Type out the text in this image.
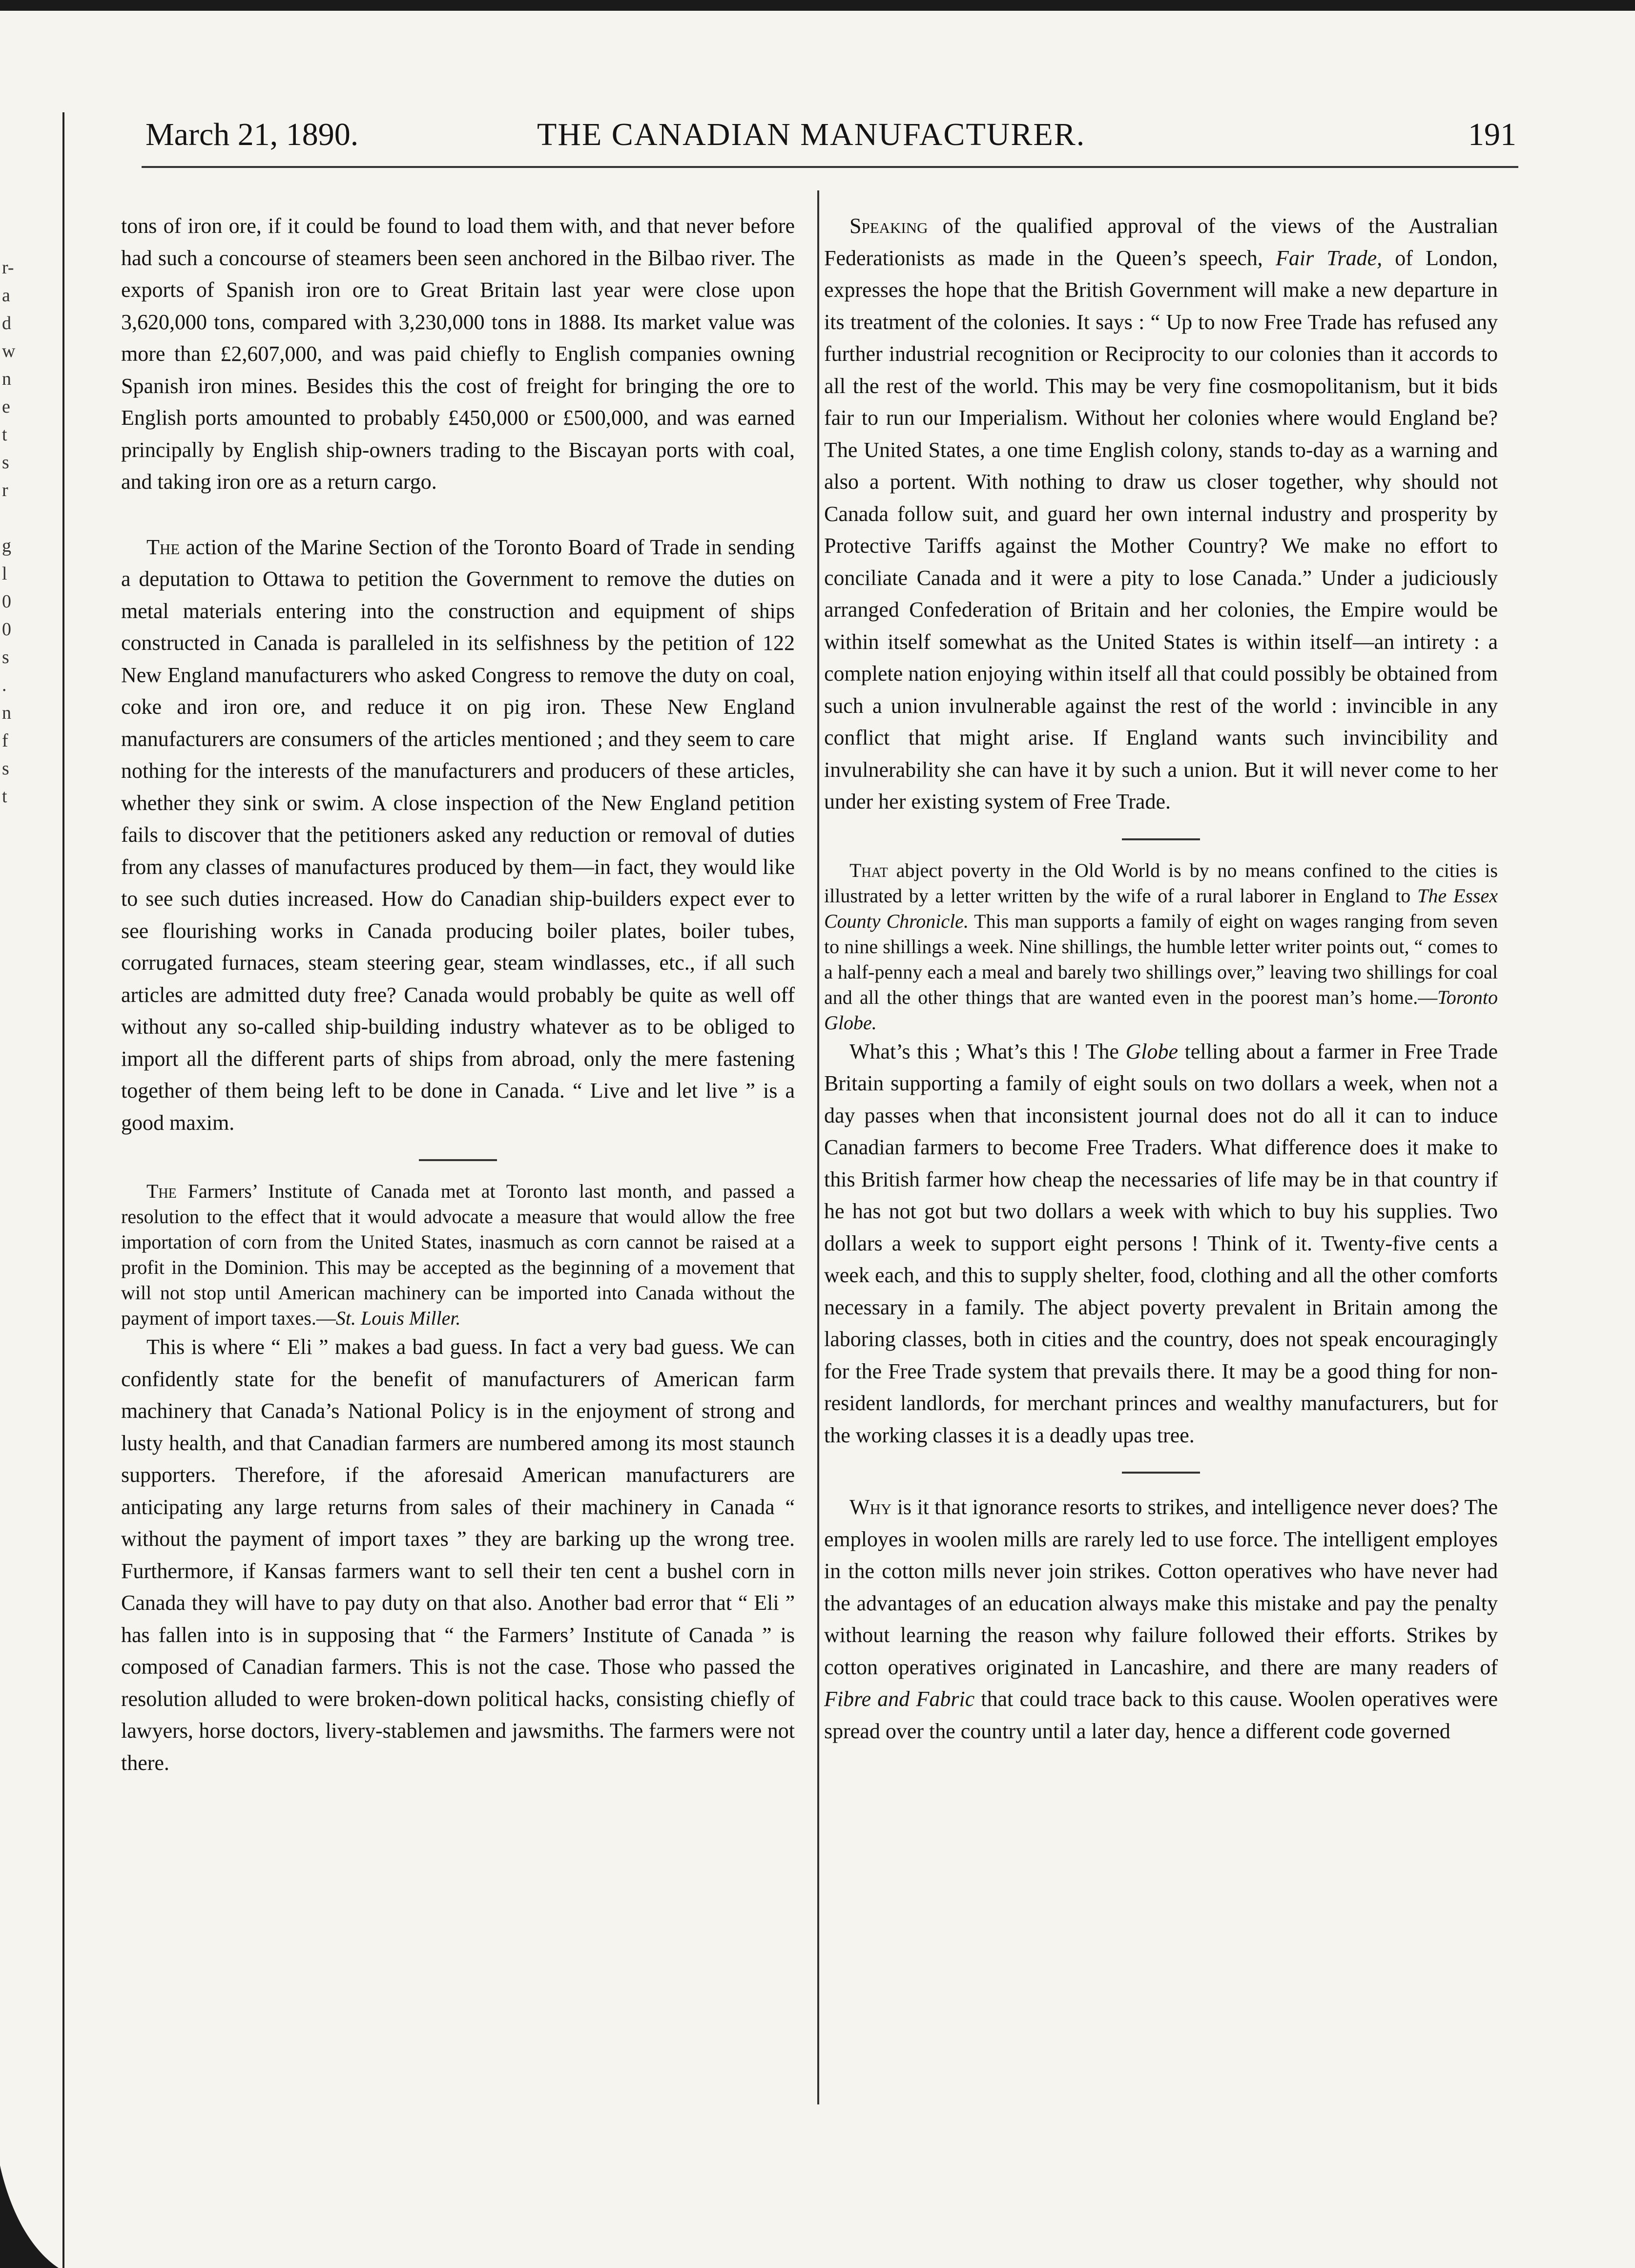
r-
a
d
w
n
e
t
s
r
g
l
0
0
s
.
n
f
s
t
March 21, 1890.	THE CANADIAN MANUFACTURER.	191

tons of iron ore, if it could be found to load them with, and that never before had such a concourse of steamers been seen anchored in the Bilbao river. The exports of Spanish iron ore to Great Britain last year were close upon 3,620,000 tons, compared with 3,230,000 tons in 1888. Its market value was more than £2,607,000, and was paid chiefly to English companies owning Spanish iron mines. Besides this the cost of freight for bringing the ore to English ports amounted to probably £450,000 or £500,000, and was earned principally by English ship-owners trading to the Biscayan ports with coal, and taking iron ore as a return cargo.

The action of the Marine Section of the Toronto Board of Trade in sending a deputation to Ottawa to petition the Government to remove the duties on metal materials entering into the construction and equipment of ships constructed in Canada is paralleled in its selfishness by the petition of 122 New England manufacturers who asked Congress to remove the duty on coal, coke and iron ore, and reduce it on pig iron. These New England manufacturers are consumers of the articles mentioned ; and they seem to care nothing for the interests of the manufacturers and producers of these articles, whether they sink or swim. A close inspection of the New England petition fails to discover that the petitioners asked any reduction or removal of duties from any classes of manufactures produced by them—in fact, they would like to see such duties increased. How do Canadian ship-builders expect ever to see flourishing works in Canada producing boiler plates, boiler tubes, corrugated furnaces, steam steering gear, steam windlasses, etc., if all such articles are admitted duty free? Canada would probably be quite as well off without any so-called ship-building industry whatever as to be obliged to import all the different parts of ships from abroad, only the mere fastening together of them being left to be done in Canada. “ Live and let live ” is a good maxim.

The Farmers’ Institute of Canada met at Toronto last month, and passed a resolution to the effect that it would advocate a measure that would allow the free importation of corn from the United States, inasmuch as corn cannot be raised at a profit in the Dominion. This may be accepted as the beginning of a movement that will not stop until American machinery can be imported into Canada without the payment of import taxes.—St. Louis Miller.

This is where “ Eli ” makes a bad guess. In fact a very bad guess. We can confidently state for the benefit of manufacturers of American farm machinery that Canada’s National Policy is in the enjoyment of strong and lusty health, and that Canadian farmers are numbered among its most staunch supporters. Therefore, if the aforesaid American manufacturers are anticipating any large returns from sales of their machinery in Canada “ without the payment of import taxes ” they are barking up the wrong tree. Furthermore, if Kansas farmers want to sell their ten cent a bushel corn in Canada they will have to pay duty on that also. Another bad error that “ Eli ” has fallen into is in supposing that “ the Farmers’ Institute of Canada ” is composed of Canadian farmers. This is not the case. Those who passed the resolution alluded to were broken-down political hacks, consisting chiefly of lawyers, horse doctors, livery-stablemen and jawsmiths. The farmers were not there.

Speaking of the qualified approval of the views of the Australian Federationists as made in the Queen’s speech, Fair Trade, of London, expresses the hope that the British Government will make a new departure in its treatment of the colonies. It says : “ Up to now Free Trade has refused any further industrial recognition or Reciprocity to our colonies than it accords to all the rest of the world. This may be very fine cosmopolitanism, but it bids fair to run our Imperialism. Without her colonies where would England be? The United States, a one time English colony, stands to-day as a warning and also a portent. With nothing to draw us closer together, why should not Canada follow suit, and guard her own internal industry and prosperity by Protective Tariffs against the Mother Country? We make no effort to conciliate Canada and it were a pity to lose Canada.” Under a judiciously arranged Confederation of Britain and her colonies, the Empire would be within itself somewhat as the United States is within itself—an intirety : a complete nation enjoying within itself all that could possibly be obtained from such a union invulnerable against the rest of the world : invincible in any conflict that might arise. If England wants such invincibility and invulnerability she can have it by such a union. But it will never come to her under her existing system of Free Trade.

That abject poverty in the Old World is by no means confined to the cities is illustrated by a letter written by the wife of a rural laborer in England to The Essex County Chronicle. This man supports a family of eight on wages ranging from seven to nine shillings a week. Nine shillings, the humble letter writer points out, “ comes to a half-penny each a meal and barely two shillings over,” leaving two shillings for coal and all the other things that are wanted even in the poorest man’s home.—Toronto Globe.

What’s this ; What’s this ! The Globe telling about a farmer in Free Trade Britain supporting a family of eight souls on two dollars a week, when not a day passes when that inconsistent journal does not do all it can to induce Canadian farmers to become Free Traders. What difference does it make to this British farmer how cheap the necessaries of life may be in that country if he has not got but two dollars a week with which to buy his supplies. Two dollars a week to support eight persons ! Think of it. Twenty-five cents a week each, and this to supply shelter, food, clothing and all the other comforts necessary in a family. The abject poverty prevalent in Britain among the laboring classes, both in cities and the country, does not speak encouragingly for the Free Trade system that prevails there. It may be a good thing for non-resident landlords, for merchant princes and wealthy manufacturers, but for the working classes it is a deadly upas tree.

Why is it that ignorance resorts to strikes, and intelligence never does? The employes in woolen mills are rarely led to use force. The intelligent employes in the cotton mills never join strikes. Cotton operatives who have never had the advantages of an education always make this mistake and pay the penalty without learning the reason why failure followed their efforts. Strikes by cotton operatives originated in Lancashire, and there are many readers of Fibre and Fabric that could trace back to this cause. Woolen operatives were spread over the country until a later day, hence a different code governed
